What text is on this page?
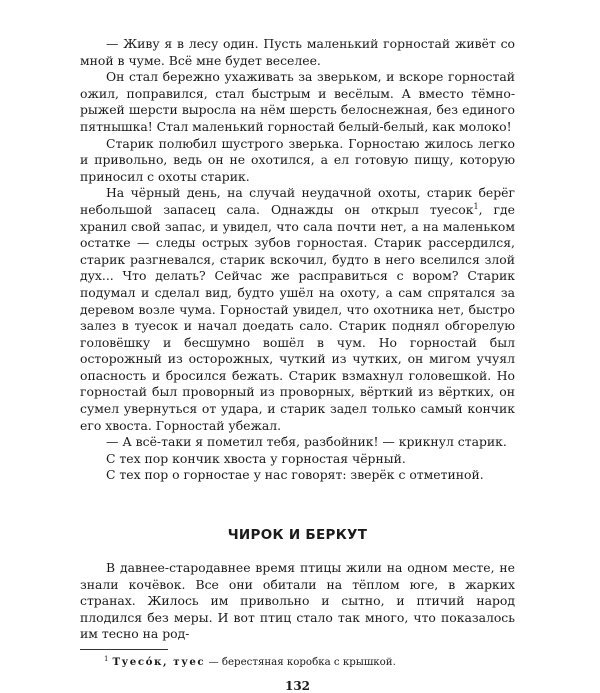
— Живу я в лесу один. Пусть маленький горностай живёт со мной в чуме. Всё мне будет веселее.

Он стал бережно ухаживать за зверьком, и вскоре горностай ожил, поправился, стал быстрым и весёлым. А вместо тёмно-рыжей шерсти выросла на нём шерсть белоснежная, без единого пятнышка! Стал маленький горностай белый-белый, как молоко!

Старик полюбил шустрого зверька. Горностаю жилось легко и привольно, ведь он не охотился, а ел готовую пищу, которую приносил с охоты старик.

На чёрный день, на случай неудачной охоты, старик берёг небольшой запасец сала. Однажды он открыл туесок$^1$, где хранил свой запас, и увидел, что сала почти нет, а на маленьком остатке — следы острых зубов горностая. Старик рассердился, старик разгневался, старик вскочил, будто в него вселился злой дух... Что делать? Сейчас же расправиться с вором? Старик подумал и сделал вид, будто ушёл на охоту, а сам спрятался за деревом возле чума. Горностай увидел, что охотника нет, быстро залез в туесок и начал доедать сало. Старик поднял обгорелую головёшку и бесшумно вошёл в чум. Но горностай был осторожный из осторожных, чуткий из чутких, он мигом учуял опасность и бросился бежать. Старик взмахнул головешкой. Но горностай был проворный из проворных, вёрткий из вёртких, он сумел увернуться от удара, и старик задел только самый кончик его хвоста. Горностай убежал.

— А всё-таки я пометил тебя, разбойник! — крикнул старик.

С тех пор кончик хвоста у горностая чёрный.

С тех пор о горностае у нас говорят: зверёк с отметиной.

ЧИРОК И БЕРКУТ

В давнее-стародавнее время птицы жили на одном месте, не знали кочёвок. Все они обитали на тёплом юге, в жарких странах. Жилось им привольно и сытно, и птичий народ плодился без меры. И вот птиц стало так много, что показалось им тесно на род-

$^1$ Туесóк, туес — берестяная коробка с крышкой.
132
